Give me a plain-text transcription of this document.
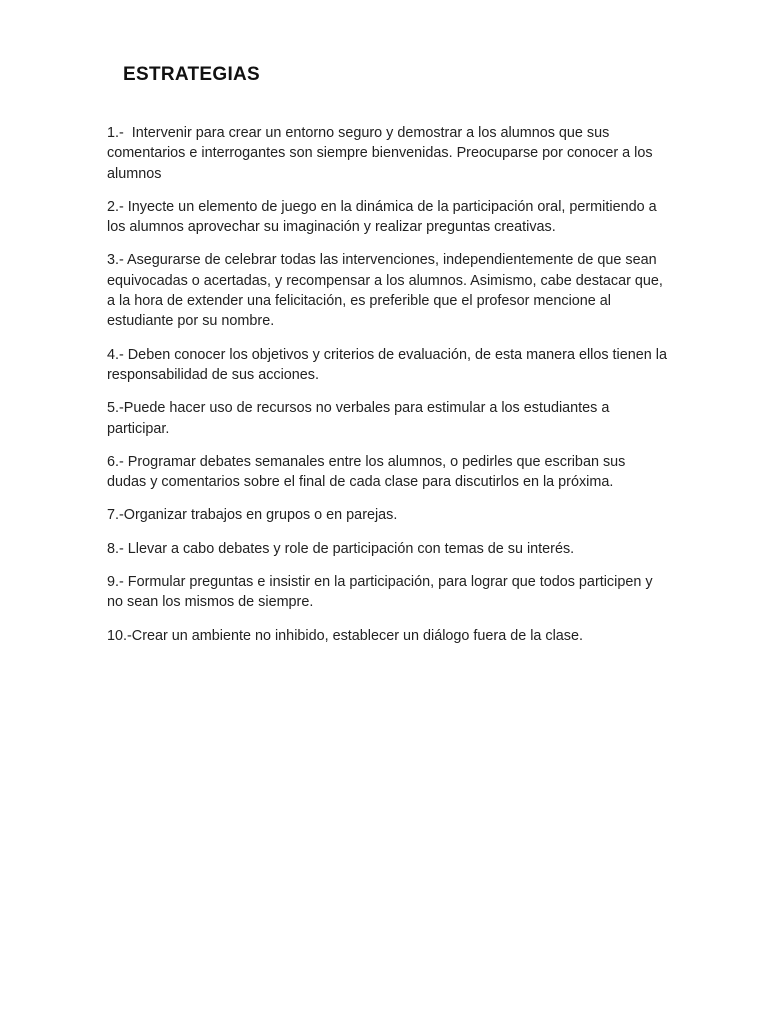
ESTRATEGIAS
1.-  Intervenir para crear un entorno seguro y demostrar a los alumnos que sus comentarios e interrogantes son siempre bienvenidas. Preocuparse por conocer a los alumnos
2.- Inyecte un elemento de juego en la dinámica de la participación oral, permitiendo a los alumnos aprovechar su imaginación y realizar preguntas creativas.
3.- Asegurarse de celebrar todas las intervenciones, independientemente de que sean equivocadas o acertadas, y recompensar a los alumnos. Asimismo, cabe destacar que, a la hora de extender una felicitación, es preferible que el profesor mencione al estudiante por su nombre.
4.- Deben conocer los objetivos y criterios de evaluación, de esta manera ellos tienen la responsabilidad de sus acciones.
5.-Puede hacer uso de recursos no verbales para estimular a los estudiantes a participar.
6.- Programar debates semanales entre los alumnos, o pedirles que escriban sus dudas y comentarios sobre el final de cada clase para discutirlos en la próxima.
7.-Organizar trabajos en grupos o en parejas.
8.- Llevar a cabo debates y role de participación con temas de su interés.
9.- Formular preguntas e insistir en la participación, para lograr que todos participen y no sean los mismos de siempre.
10.-Crear un ambiente no inhibido, establecer un diálogo fuera de la clase.
